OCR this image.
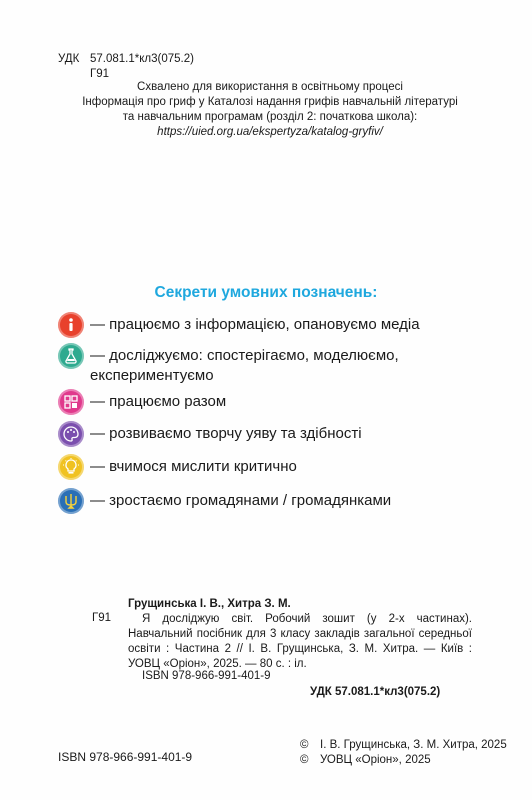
УДК 57.081.1*кл3(075.2)
Г91
Схвалено для використання в освітньому процесі
Інформація про гриф у Каталозі надання грифів навчальній літературі
та навчальним програмам (розділ 2: початкова школа):
https://uied.org.ua/ekspertyza/katalog-gryfiv/
Секрети умовних позначень:
— працюємо з інформацією, опановуємо медіа
— досліджуємо: спостерігаємо, моделюємо, експериментуємо
— працюємо разом
— розвиваємо творчу уяву та здібності
— вчимося мислити критично
— зростаємо громадянами / громадянками
Грущинська І. В., Хитра З. М.
Г91	Я досліджую світ. Робочий зошит (у 2-х частинах). Навчальний посібник для 3 класу закладів загальної середньої освіти : Частина 2 // І. В. Грущинська, З. М. Хитра. — Київ : УОВЦ «Оріон», 2025. — 80 с. : іл.
ISBN 978-966-991-401-9
УДК 57.081.1*кл3(075.2)
ISBN 978-966-991-401-9
©	І. В. Грущинська, З. М. Хитра, 2025
©	УОВЦ «Оріон», 2025
